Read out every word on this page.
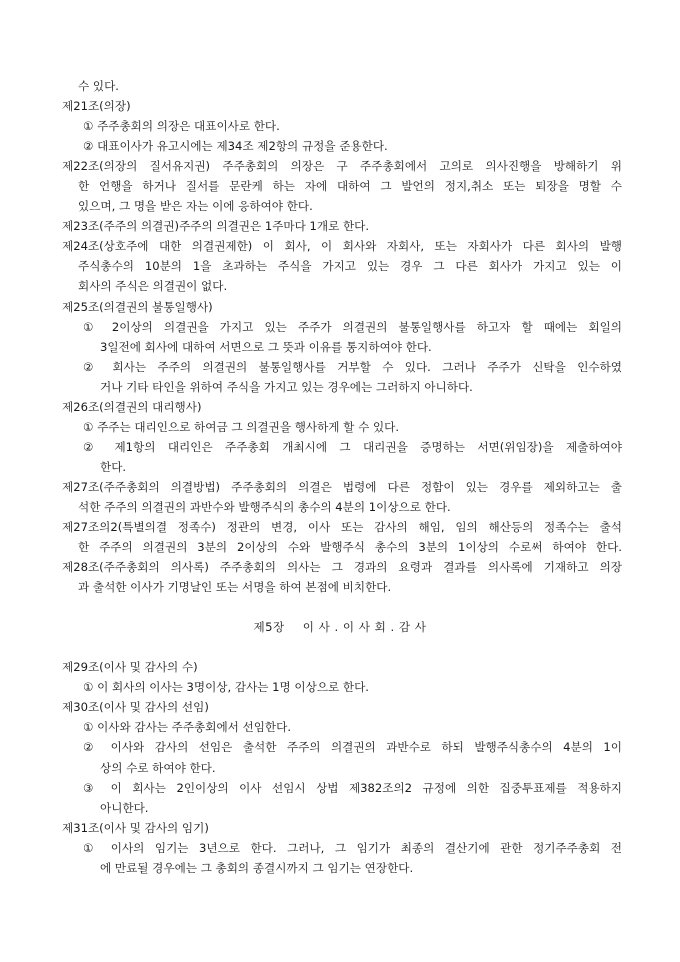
수 있다.
제21조(의장)
① 주주총회의 의장은 대표이사로 한다.
② 대표이사가 유고시에는 제34조 제2항의 규정을 준용한다.
제22조(의장의 질서유지권) 주주총회의 의장은 구 주주총회에서 고의로 의사진행을 방해하기 위
한 언행을 하거나 질서를 문란케 하는 자에 대하여 그 발언의 정지,취소 또는 퇴장을 명할 수
있으며, 그 명을 받은 자는 이에 응하여야 한다.
제23조(주주의 의결권)주주의 의결권은 1주마다 1개로 한다.
제24조(상호주에 대한 의결권제한) 이 회사, 이 회사와 자회사, 또는 자회사가 다른 회사의 발행
주식총수의 10분의 1을 초과하는 주식을 가지고 있는 경우 그 다른 회사가 가지고 있는 이
회사의 주식은 의결권이 없다.
제25조(의결권의 불통일행사)
① 2이상의 의결권을 가지고 있는 주주가 의결권의 불통일행사를 하고자 할 때에는 회일의
3일전에 회사에 대하여 서면으로 그 뜻과 이유를 통지하여야 한다.
② 회사는 주주의 의결권의 불통일행사를 거부할 수 있다. 그러나 주주가 신탁을 인수하였
거나 기타 타인을 위하여 주식을 가지고 있는 경우에는 그러하지 아니하다.
제26조(의결권의 대리행사)
① 주주는 대리인으로 하여금 그 의결권을 행사하게 할 수 있다.
② 제1항의 대리인은 주주총회 개최시에 그 대리권을 증명하는 서면(위임장)을 제출하여야
한다.
제27조(주주총회의 의결방법) 주주총회의 의결은 법령에 다른 정함이 있는 경우를 제외하고는 출
석한 주주의 의결권의 과반수와 발행주식의 총수의 4분의 1이상으로 한다.
제27조의2(특별의결 정족수) 정관의 변경, 이사 또는 감사의 해임, 임의 해산등의 정족수는 출석
한 주주의 의결권의 3분의 2이상의 수와 발행주식 총수의 3분의 1이상의 수로써 하여야 한다.
제28조(주주총회의 의사록) 주주총회의 의사는 그 경과의 요령과 결과를 의사록에 기재하고 의장
과 출석한 이사가 기명날인 또는 서명을 하여 본점에 비치한다.
제5장 이 사 . 이 사 회 . 감 사
제29조(이사 및 감사의 수)
① 이 회사의 이사는 3명이상, 감사는 1명 이상으로 한다.
제30조(이사 및 감사의 선임)
① 이사와 감사는 주주총회에서 선임한다.
② 이사와 감사의 선임은 출석한 주주의 의결권의 과반수로 하되 발행주식총수의 4분의 1이
상의 수로 하여야 한다.
③ 이 회사는 2인이상의 이사 선임시 상법 제382조의2 규정에 의한 집중투표제를 적용하지
아니한다.
제31조(이사 및 감사의 임기)
① 이사의 임기는 3년으로 한다. 그러나, 그 임기가 최종의 결산기에 관한 정기주주총회 전
에 만료될 경우에는 그 총회의 종결시까지 그 임기는 연장한다.
